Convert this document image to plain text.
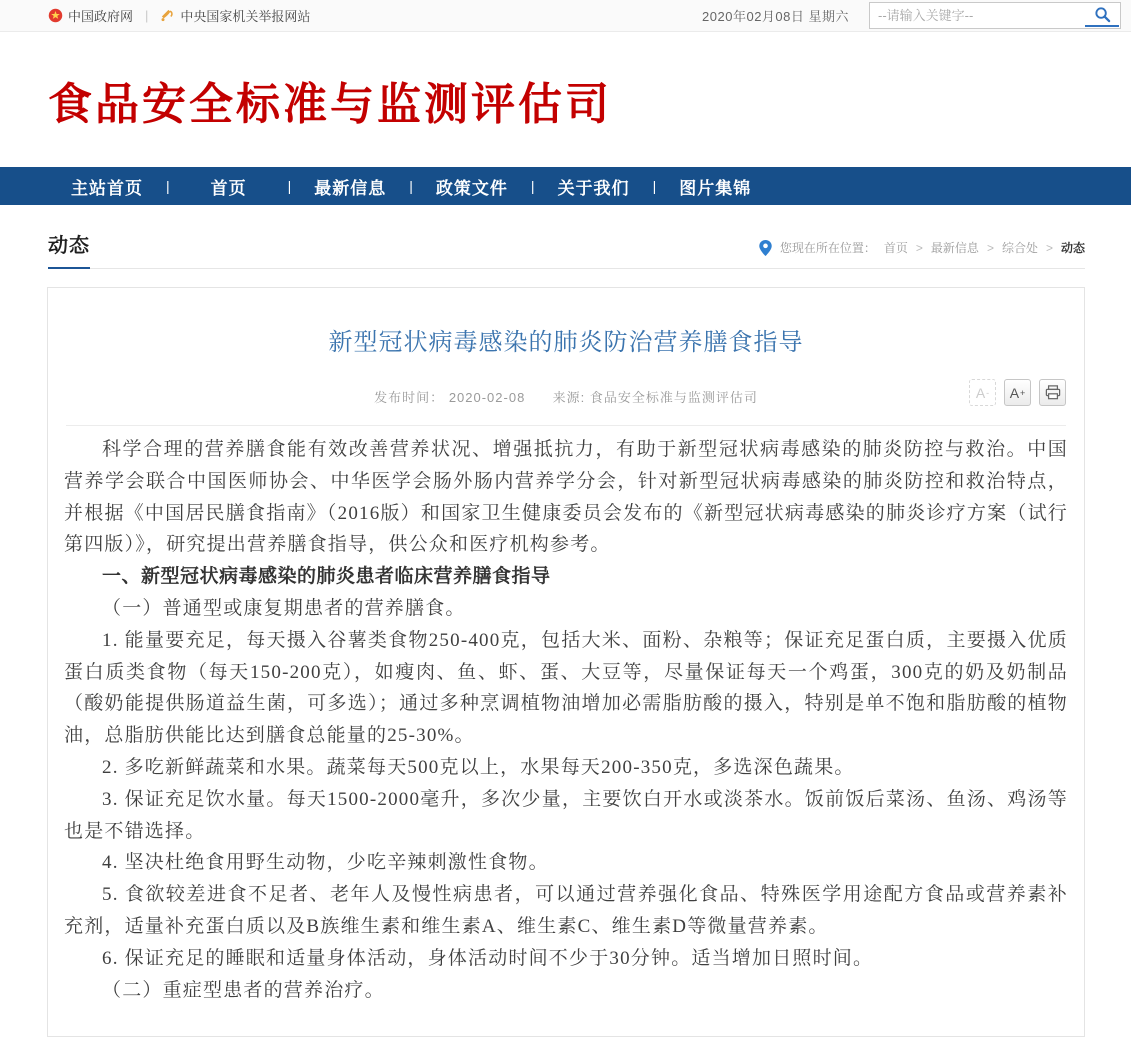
中国政府网 | 中央国家机关举报网站	2020年02月08日 星期六
--请输入关键字--
食品安全标准与监测评估司
主站首页	|	首页	|	最新信息	|	政策文件	|	关于我们	|	图片集锦
动态	您现在所在位置： 首页 > 最新信息 > 综合处 > 动态
新型冠状病毒感染的肺炎防治营养膳食指导
发布时间： 2020-02-08 来源: 食品安全标准与监测评估司	A - A +

科学合理的营养膳食能有效改善营养状况、增强抵抗力，有助于新型冠状病毒感染的肺炎防控与救治。中国营养学会联合中国医师协会、中华医学会肠外肠内营养学分会，针对新型冠状病毒感染的肺炎防控和救治特点，并根据《中国居民膳食指南》（2016版）和国家卫生健康委员会发布的《新型冠状病毒感染的肺炎诊疗方案（试行第四版）》，研究提出营养膳食指导，供公众和医疗机构参考。

一、新型冠状病毒感染的肺炎患者临床营养膳食指导

（一）普通型或康复期患者的营养膳食。

1. 能量要充足，每天摄入谷薯类食物250-400克，包括大米、面粉、杂粮等；保证充足蛋白质，主要摄入优质蛋白质类食物（每天150-200克），如瘦肉、鱼、虾、蛋、大豆等，尽量保证每天一个鸡蛋，300克的奶及奶制品（酸奶能提供肠道益生菌，可多选）；通过多种烹调植物油增加必需脂肪酸的摄入，特别是单不饱和脂肪酸的植物油，总脂肪供能比达到膳食总能量的25-30%。

2. 多吃新鲜蔬菜和水果。蔬菜每天500克以上，水果每天200-350克，多选深色蔬果。

3. 保证充足饮水量。每天1500-2000毫升，多次少量，主要饮白开水或淡茶水。饭前饭后菜汤、鱼汤、鸡汤等也是不错选择。

4. 坚决杜绝食用野生动物，少吃辛辣刺激性食物。

5. 食欲较差进食不足者、老年人及慢性病患者，可以通过营养强化食品、特殊医学用途配方食品或营养素补充剂，适量补充蛋白质以及B族维生素和维生素A、维生素C、维生素D等微量营养素。

6. 保证充足的睡眠和适量身体活动，身体活动时间不少于30分钟。适当增加日照时间。

（二）重症型患者的营养治疗。
